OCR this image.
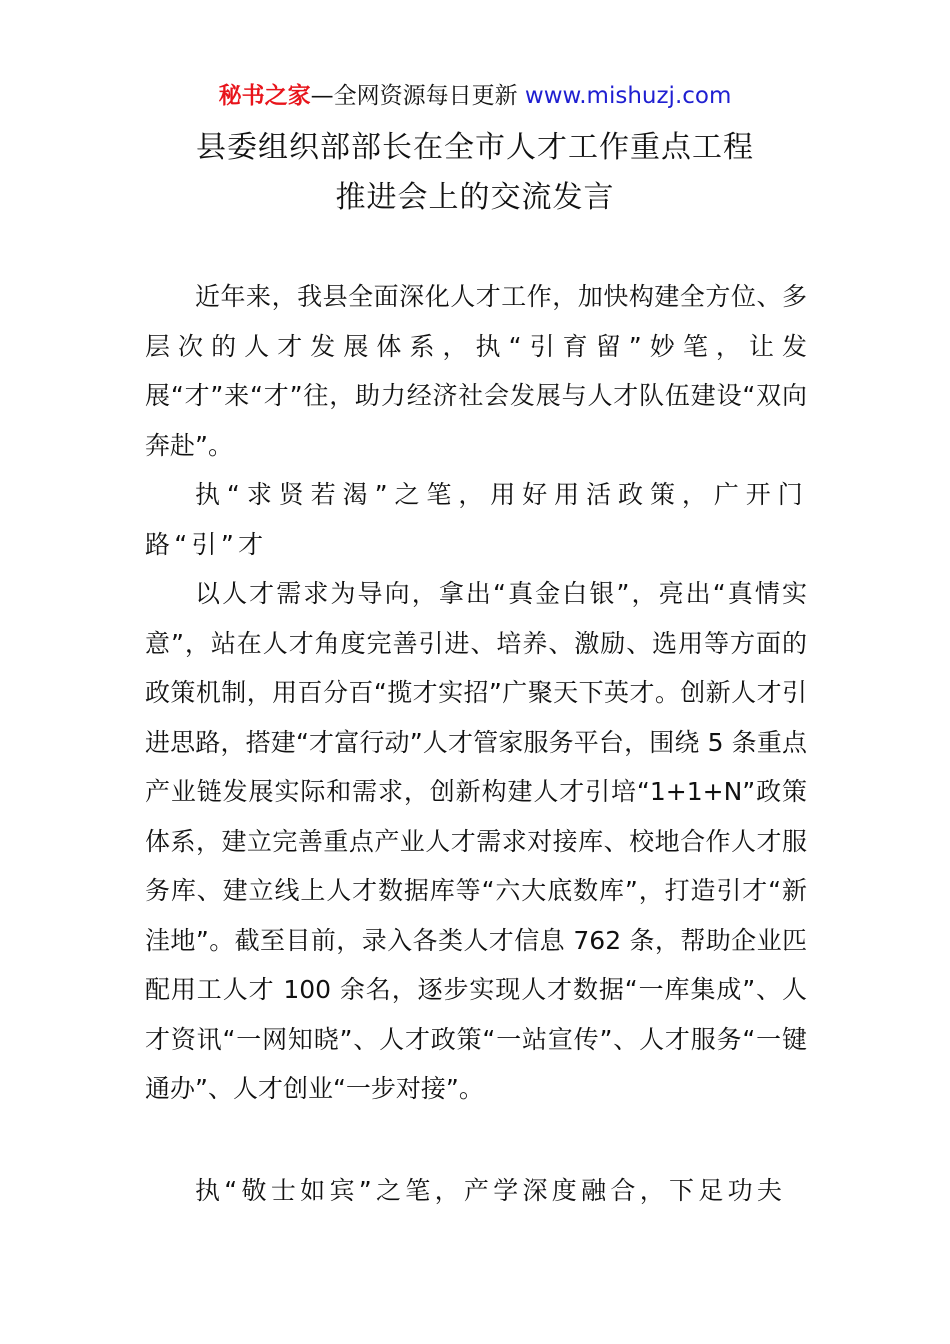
秘书之家—全网资源每日更新 www.mishuzj.com
县委组织部部长在全市人才工作重点工程
推进会上的交流发言

近年来，我县全面深化人才工作，加快构建全方位、多层次的人才发展体系，执“引育留”妙笔，让发展“才”来“才”往，助力经济社会发展与人才队伍建设“双向奔赴”。

执“求贤若渴”之笔，用好用活政策，广开门路“引”才

以人才需求为导向，拿出“真金白银”，亮出“真情实意”，站在人才角度完善引进、培养、激励、选用等方面的政策机制，用百分百“揽才实招”广聚天下英才。创新人才引进思路，搭建“才富行动”人才管家服务平台，围绕 5 条重点产业链发展实际和需求，创新构建人才引培“1+1+N”政策体系，建立完善重点产业人才需求对接库、校地合作人才服务库、建立线上人才数据库等“六大底数库”，打造引才“新洼地”。截至目前，录入各类人才信息 762 条，帮助企业匹配用工人才 100 余名，逐步实现人才数据“一库集成”、人才资讯“一网知晓”、人才政策“一站宣传”、人才服务“一键通办”、人才创业“一步对接”。

执“敬士如宾”之笔，产学深度融合，下足功夫
